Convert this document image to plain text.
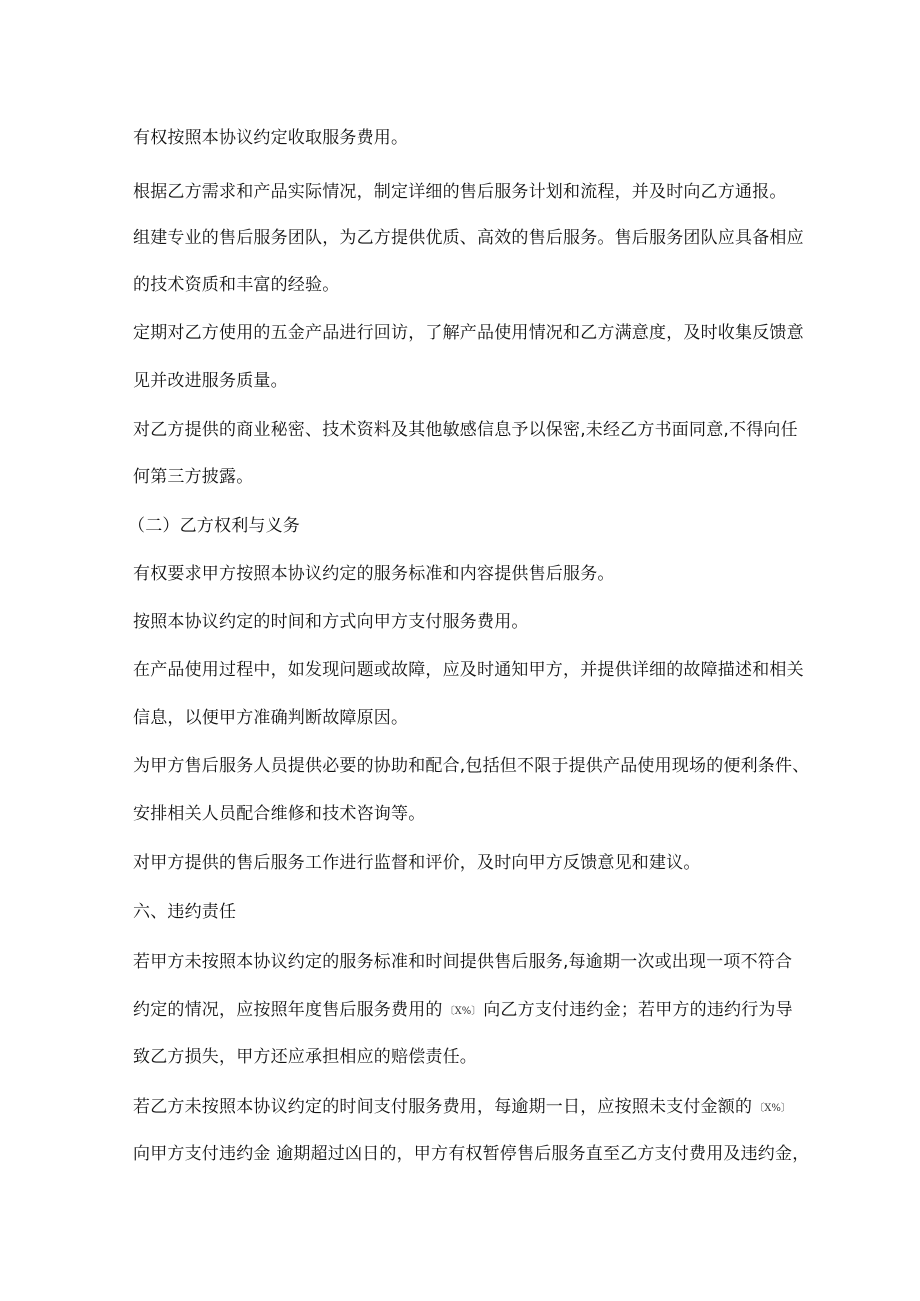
有权按照本协议约定收取服务费用。
根据乙方需求和产品实际情况，制定详细的售后服务计划和流程，并及时向乙方通报。
组建专业的售后服务团队，为乙方提供优质、高效的售后服务。售后服务团队应具备相应
的技术资质和丰富的经验。
定期对乙方使用的五金产品进行回访，了解产品使用情况和乙方满意度，及时收集反馈意
见并改进服务质量。
对乙方提供的商业秘密、技术资料及其他敏感信息予以保密,未经乙方书面同意,不得向任
何第三方披露。
（二）乙方权利与义务
有权要求甲方按照本协议约定的服务标准和内容提供售后服务。
按照本协议约定的时间和方式向甲方支付服务费用。
在产品使用过程中，如发现问题或故障，应及时通知甲方，并提供详细的故障描述和相关
信息，以便甲方准确判断故障原因。
为甲方售后服务人员提供必要的协助和配合,包括但不限于提供产品使用现场的便利条件、
安排相关人员配合维修和技术咨询等。
对甲方提供的售后服务工作进行监督和评价，及时向甲方反馈意见和建议。
六、违约责任
若甲方未按照本协议约定的服务标准和时间提供售后服务,每逾期一次或出现一项不符合
约定的情况，应按照年度售后服务费用的 〔X%〕 向乙方支付违约金；若甲方的违约行为导
致乙方损失，甲方还应承担相应的赔偿责任。
若乙方未按照本协议约定的时间支付服务费用，每逾期一日，应按照未支付金额的 〔X%〕
向甲方支付违约金 逾期超过凶日的，甲方有权暂停售后服务直至乙方支付费用及违约金，
